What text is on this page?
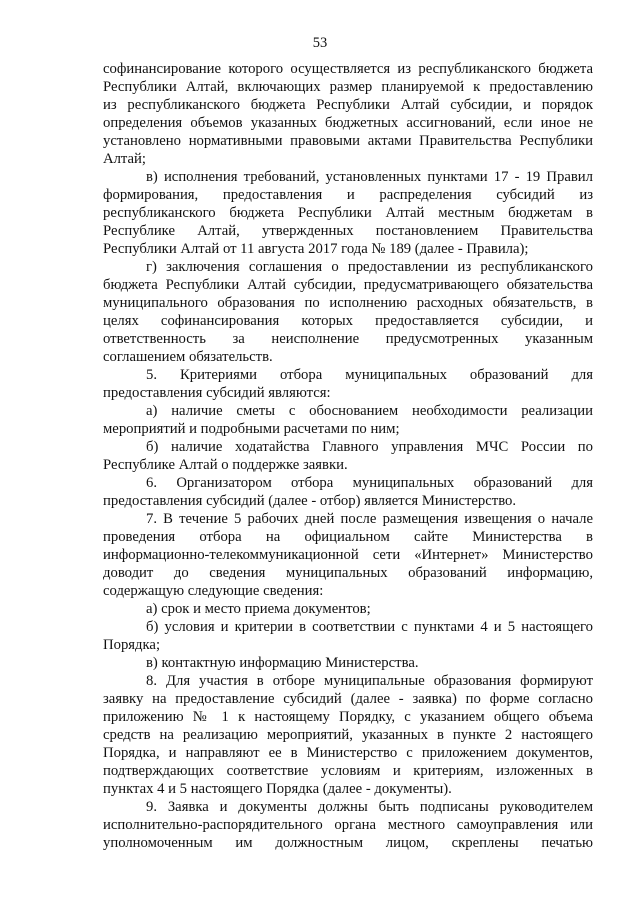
53

софинансирование которого осуществляется из республиканского бюджета

Республики Алтай, включающих размер планируемой к предоставлению

из республиканского бюджета Республики Алтай субсидии, и порядок

определения объемов указанных бюджетных ассигнований, если иное не

установлено нормативными правовыми актами Правительства Республики

Алтай;

в) исполнения требований, установленных пунктами 17 - 19 Правил

формирования, предоставления и распределения субсидий из

республиканского бюджета Республики Алтай местным бюджетам в

Республике Алтай, утвержденных постановлением Правительства

Республики Алтай от 11 августа 2017 года № 189 (далее - Правила);

г) заключения соглашения о предоставлении из республиканского

бюджета Республики Алтай субсидии, предусматривающего обязательства

муниципального образования по исполнению расходных обязательств, в

целях софинансирования которых предоставляется субсидии, и

ответственность за неисполнение предусмотренных указанным

соглашением обязательств.

5. Критериями отбора муниципальных образований для

предоставления субсидий являются:

а) наличие сметы с обоснованием необходимости реализации

мероприятий и подробными расчетами по ним;

б) наличие ходатайства Главного управления МЧС России по

Республике Алтай о поддержке заявки.

6. Организатором отбора муниципальных образований для

предоставления субсидий (далее - отбор) является Министерство.

7. В течение 5 рабочих дней после размещения извещения о начале

проведения отбора на официальном сайте Министерства в

информационно-телекоммуникационной сети «Интернет» Министерство

доводит до сведения муниципальных образований информацию,

содержащую следующие сведения:

а) срок и место приема документов;

б) условия и критерии в соответствии с пунктами 4 и 5 настоящего

Порядка;

в) контактную информацию Министерства.

8. Для участия в отборе муниципальные образования формируют

заявку на предоставление субсидий (далее - заявка) по форме согласно

приложению № 1 к настоящему Порядку, с указанием общего объема

средств на реализацию мероприятий, указанных в пункте 2 настоящего

Порядка, и направляют ее в Министерство с приложением документов,

подтверждающих соответствие условиям и критериям, изложенных в

пунктах 4 и 5 настоящего Порядка (далее - документы).

9. Заявка и документы должны быть подписаны руководителем

исполнительно-распорядительного органа местного самоуправления или

уполномоченным им должностным лицом, скреплены печатью
